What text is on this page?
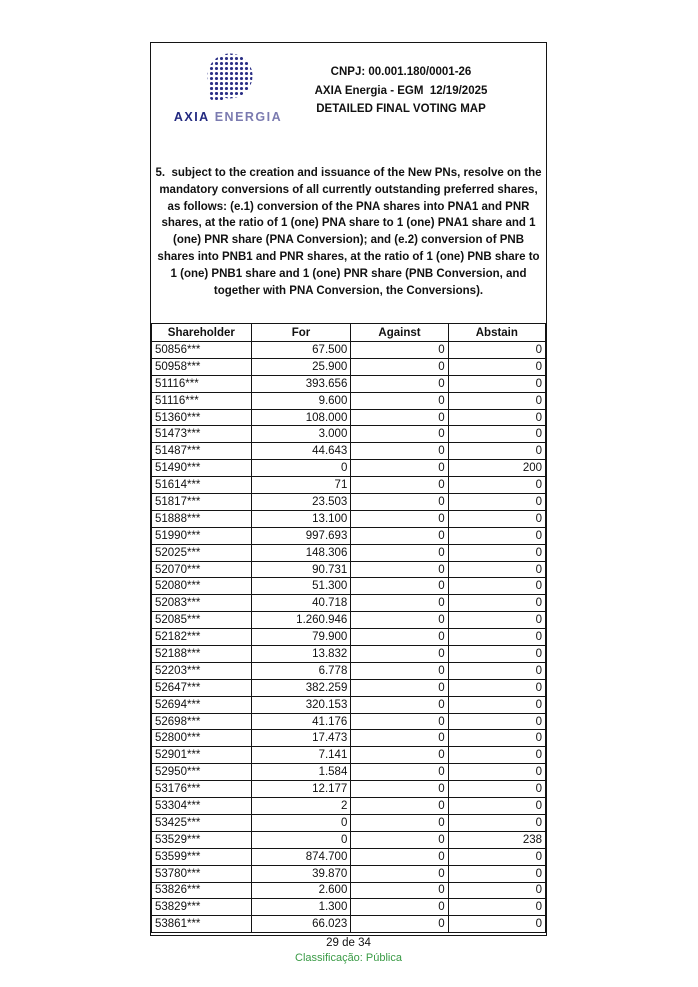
AXIA ENERGIA
CNPJ: 00.001.180/0001-26
AXIA Energia - EGM  12/19/2025
DETAILED FINAL VOTING MAP
5.  subject to the creation and issuance of the New PNs, resolve on the mandatory conversions of all currently outstanding preferred shares, as follows: (e.1) conversion of the PNA shares into PNA1 and PNR shares, at the ratio of 1 (one) PNA share to 1 (one) PNA1 share and 1 (one) PNR share (PNA Conversion); and (e.2) conversion of PNB shares into PNB1 and PNR shares, at the ratio of 1 (one) PNB share to 1 (one) PNB1 share and 1 (one) PNR share (PNB Conversion, and together with PNA Conversion, the Conversions).
Shareholder	For	Against	Abstain
50856***	67.500	0	0
50958***	25.900	0	0
51116***	393.656	0	0
51116***	9.600	0	0
51360***	108.000	0	0
51473***	3.000	0	0
51487***	44.643	0	0
51490***	0	0	200
51614***	71	0	0
51817***	23.503	0	0
51888***	13.100	0	0
51990***	997.693	0	0
52025***	148.306	0	0
52070***	90.731	0	0
52080***	51.300	0	0
52083***	40.718	0	0
52085***	1.260.946	0	0
52182***	79.900	0	0
52188***	13.832	0	0
52203***	6.778	0	0
52647***	382.259	0	0
52694***	320.153	0	0
52698***	41.176	0	0
52800***	17.473	0	0
52901***	7.141	0	0
52950***	1.584	0	0
53176***	12.177	0	0
53304***	2	0	0
53425***	0	0	0
53529***	0	0	238
53599***	874.700	0	0
53780***	39.870	0	0
53826***	2.600	0	0
53829***	1.300	0	0
53861***	66.023	0	0
29 de 34
Classificação: Pública
